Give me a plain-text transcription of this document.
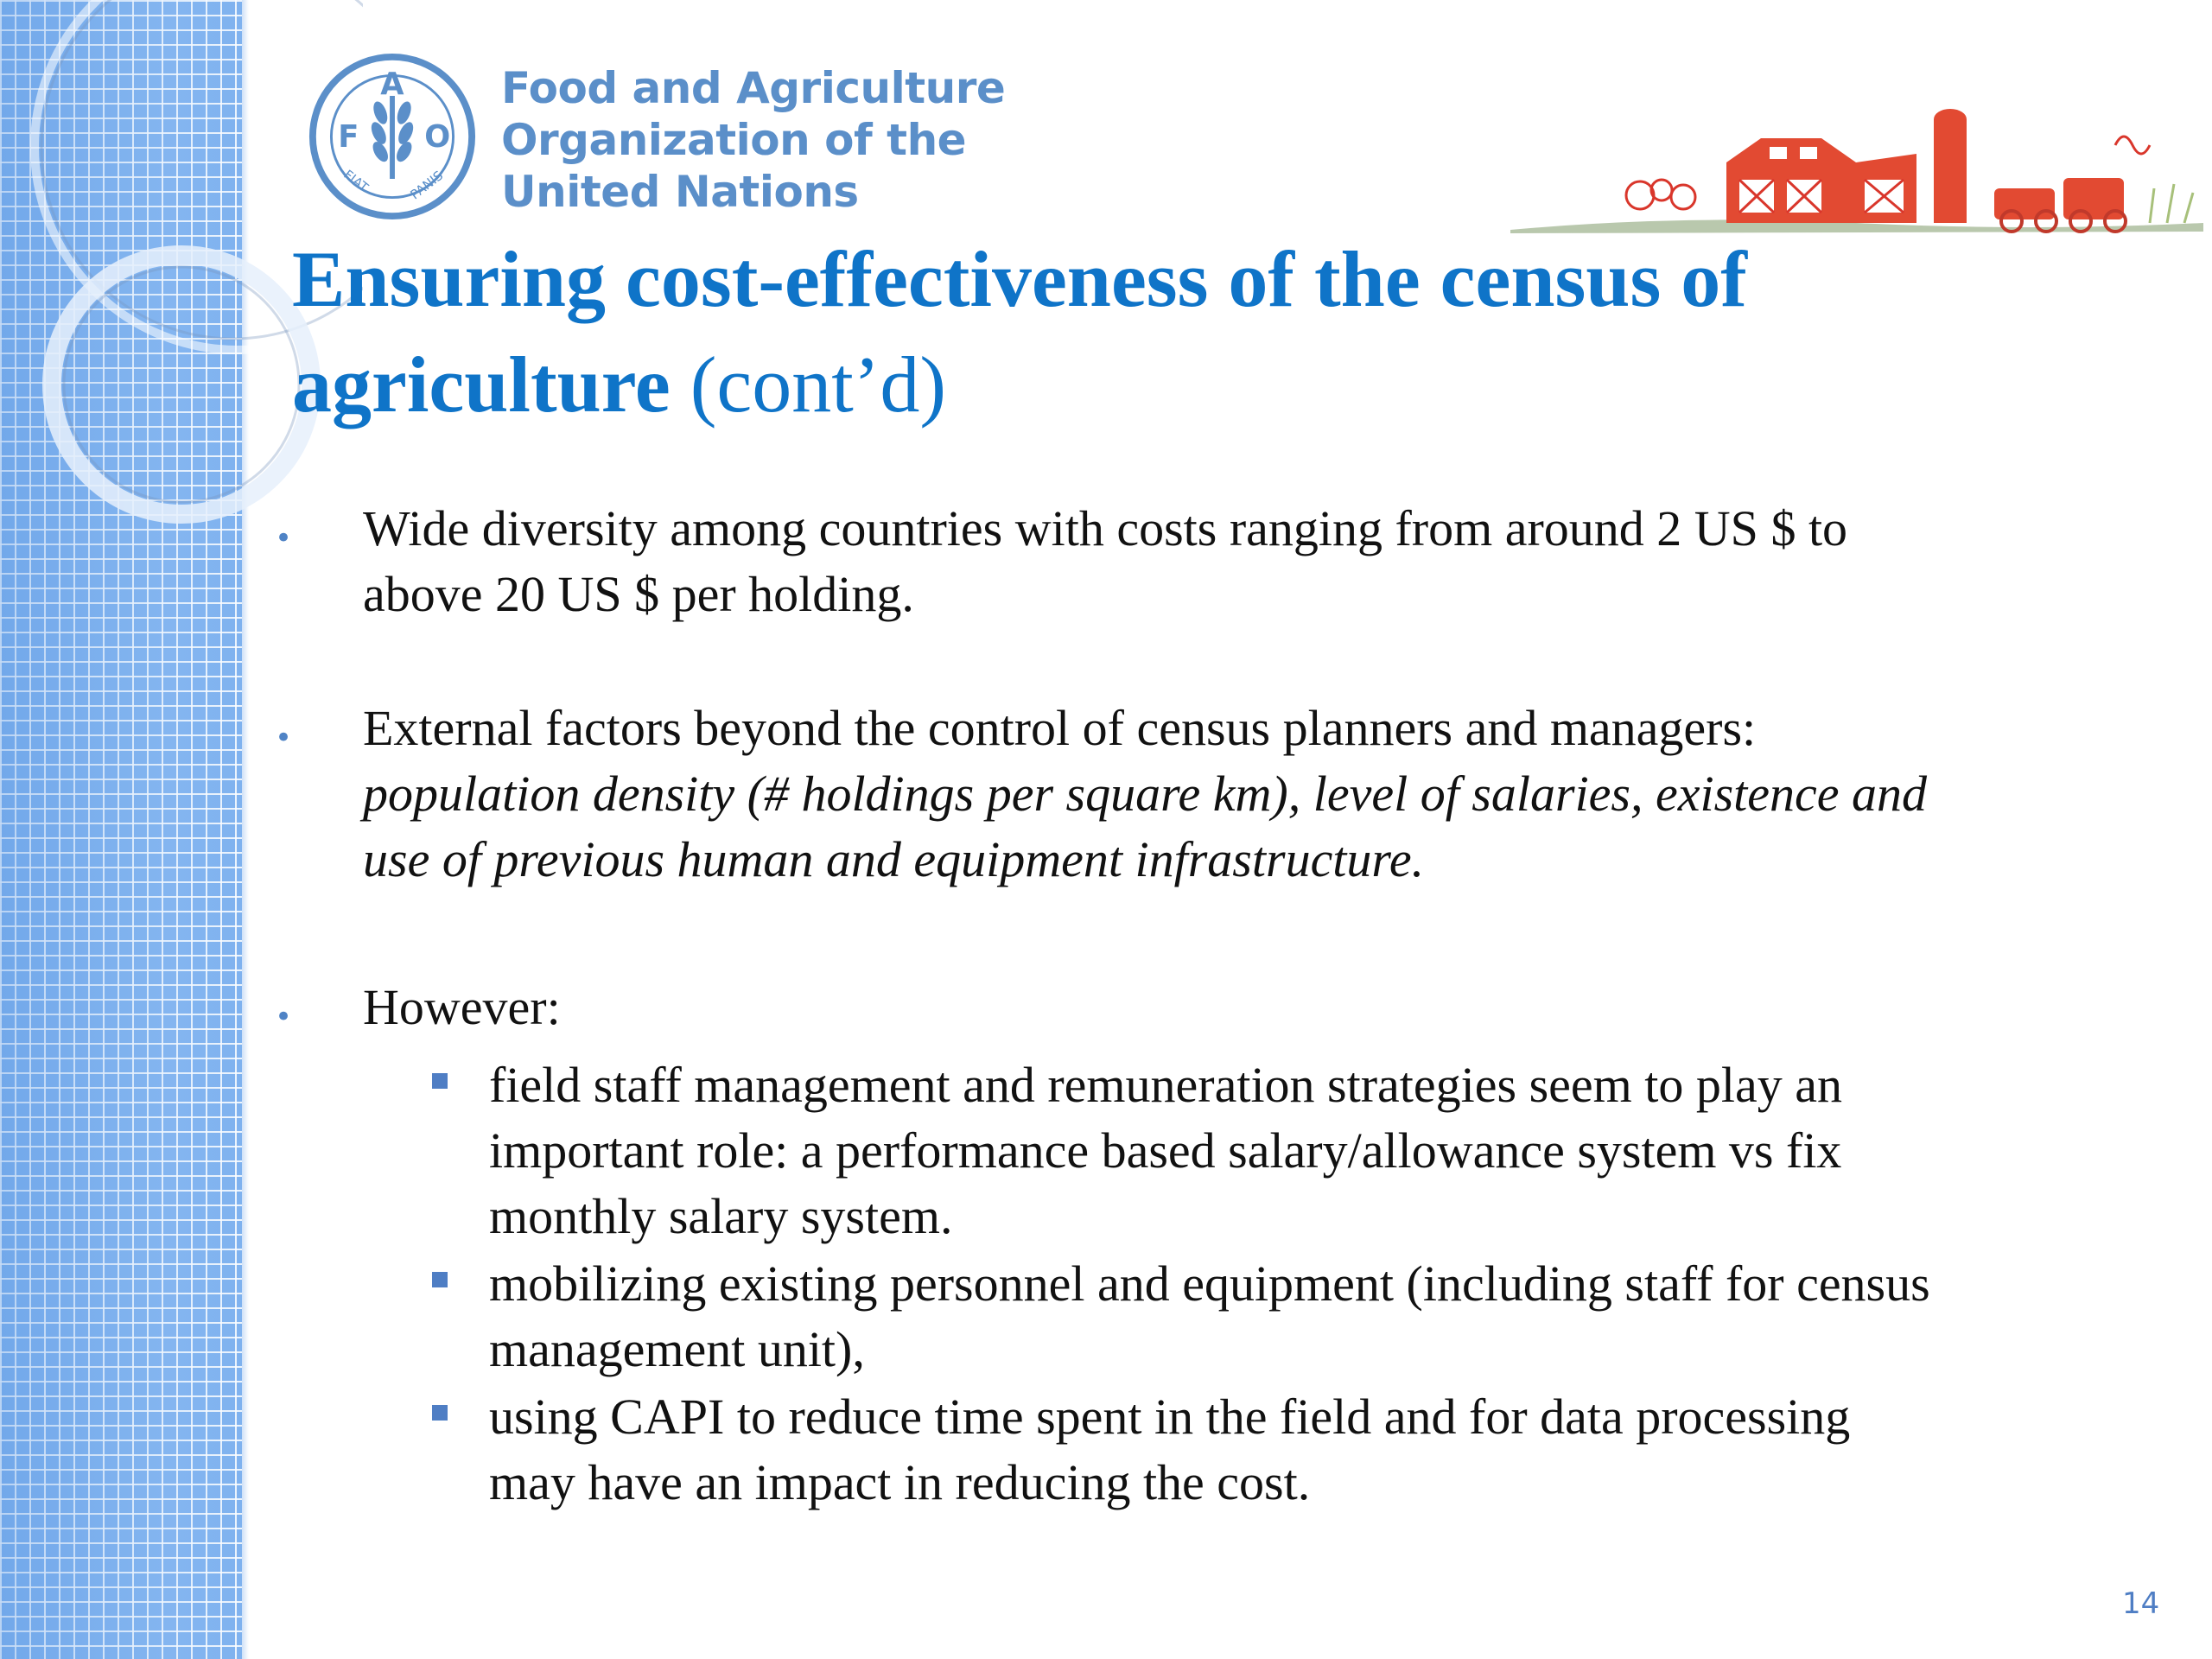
F
A
O
FIAT	PANIS
Food and Agriculture
Organization of the
United Nations
Ensuring cost-effectiveness of the census of
agriculture (cont’d)
• Wide diversity among countries with costs ranging from around 2 US $ to
above 20 US $ per holding.
• External factors beyond the control of census planners and managers:
population density (# holdings per square km), level of salaries, existence and
use of previous human and equipment infrastructure.
• However:
field staff management and remuneration strategies seem to play an
important role: a performance based salary/allowance system vs fix
monthly salary system.
mobilizing existing personnel and equipment (including staff for census
management unit),
using CAPI to reduce time spent in the field and for data processing
may have an impact in reducing the cost.
14
